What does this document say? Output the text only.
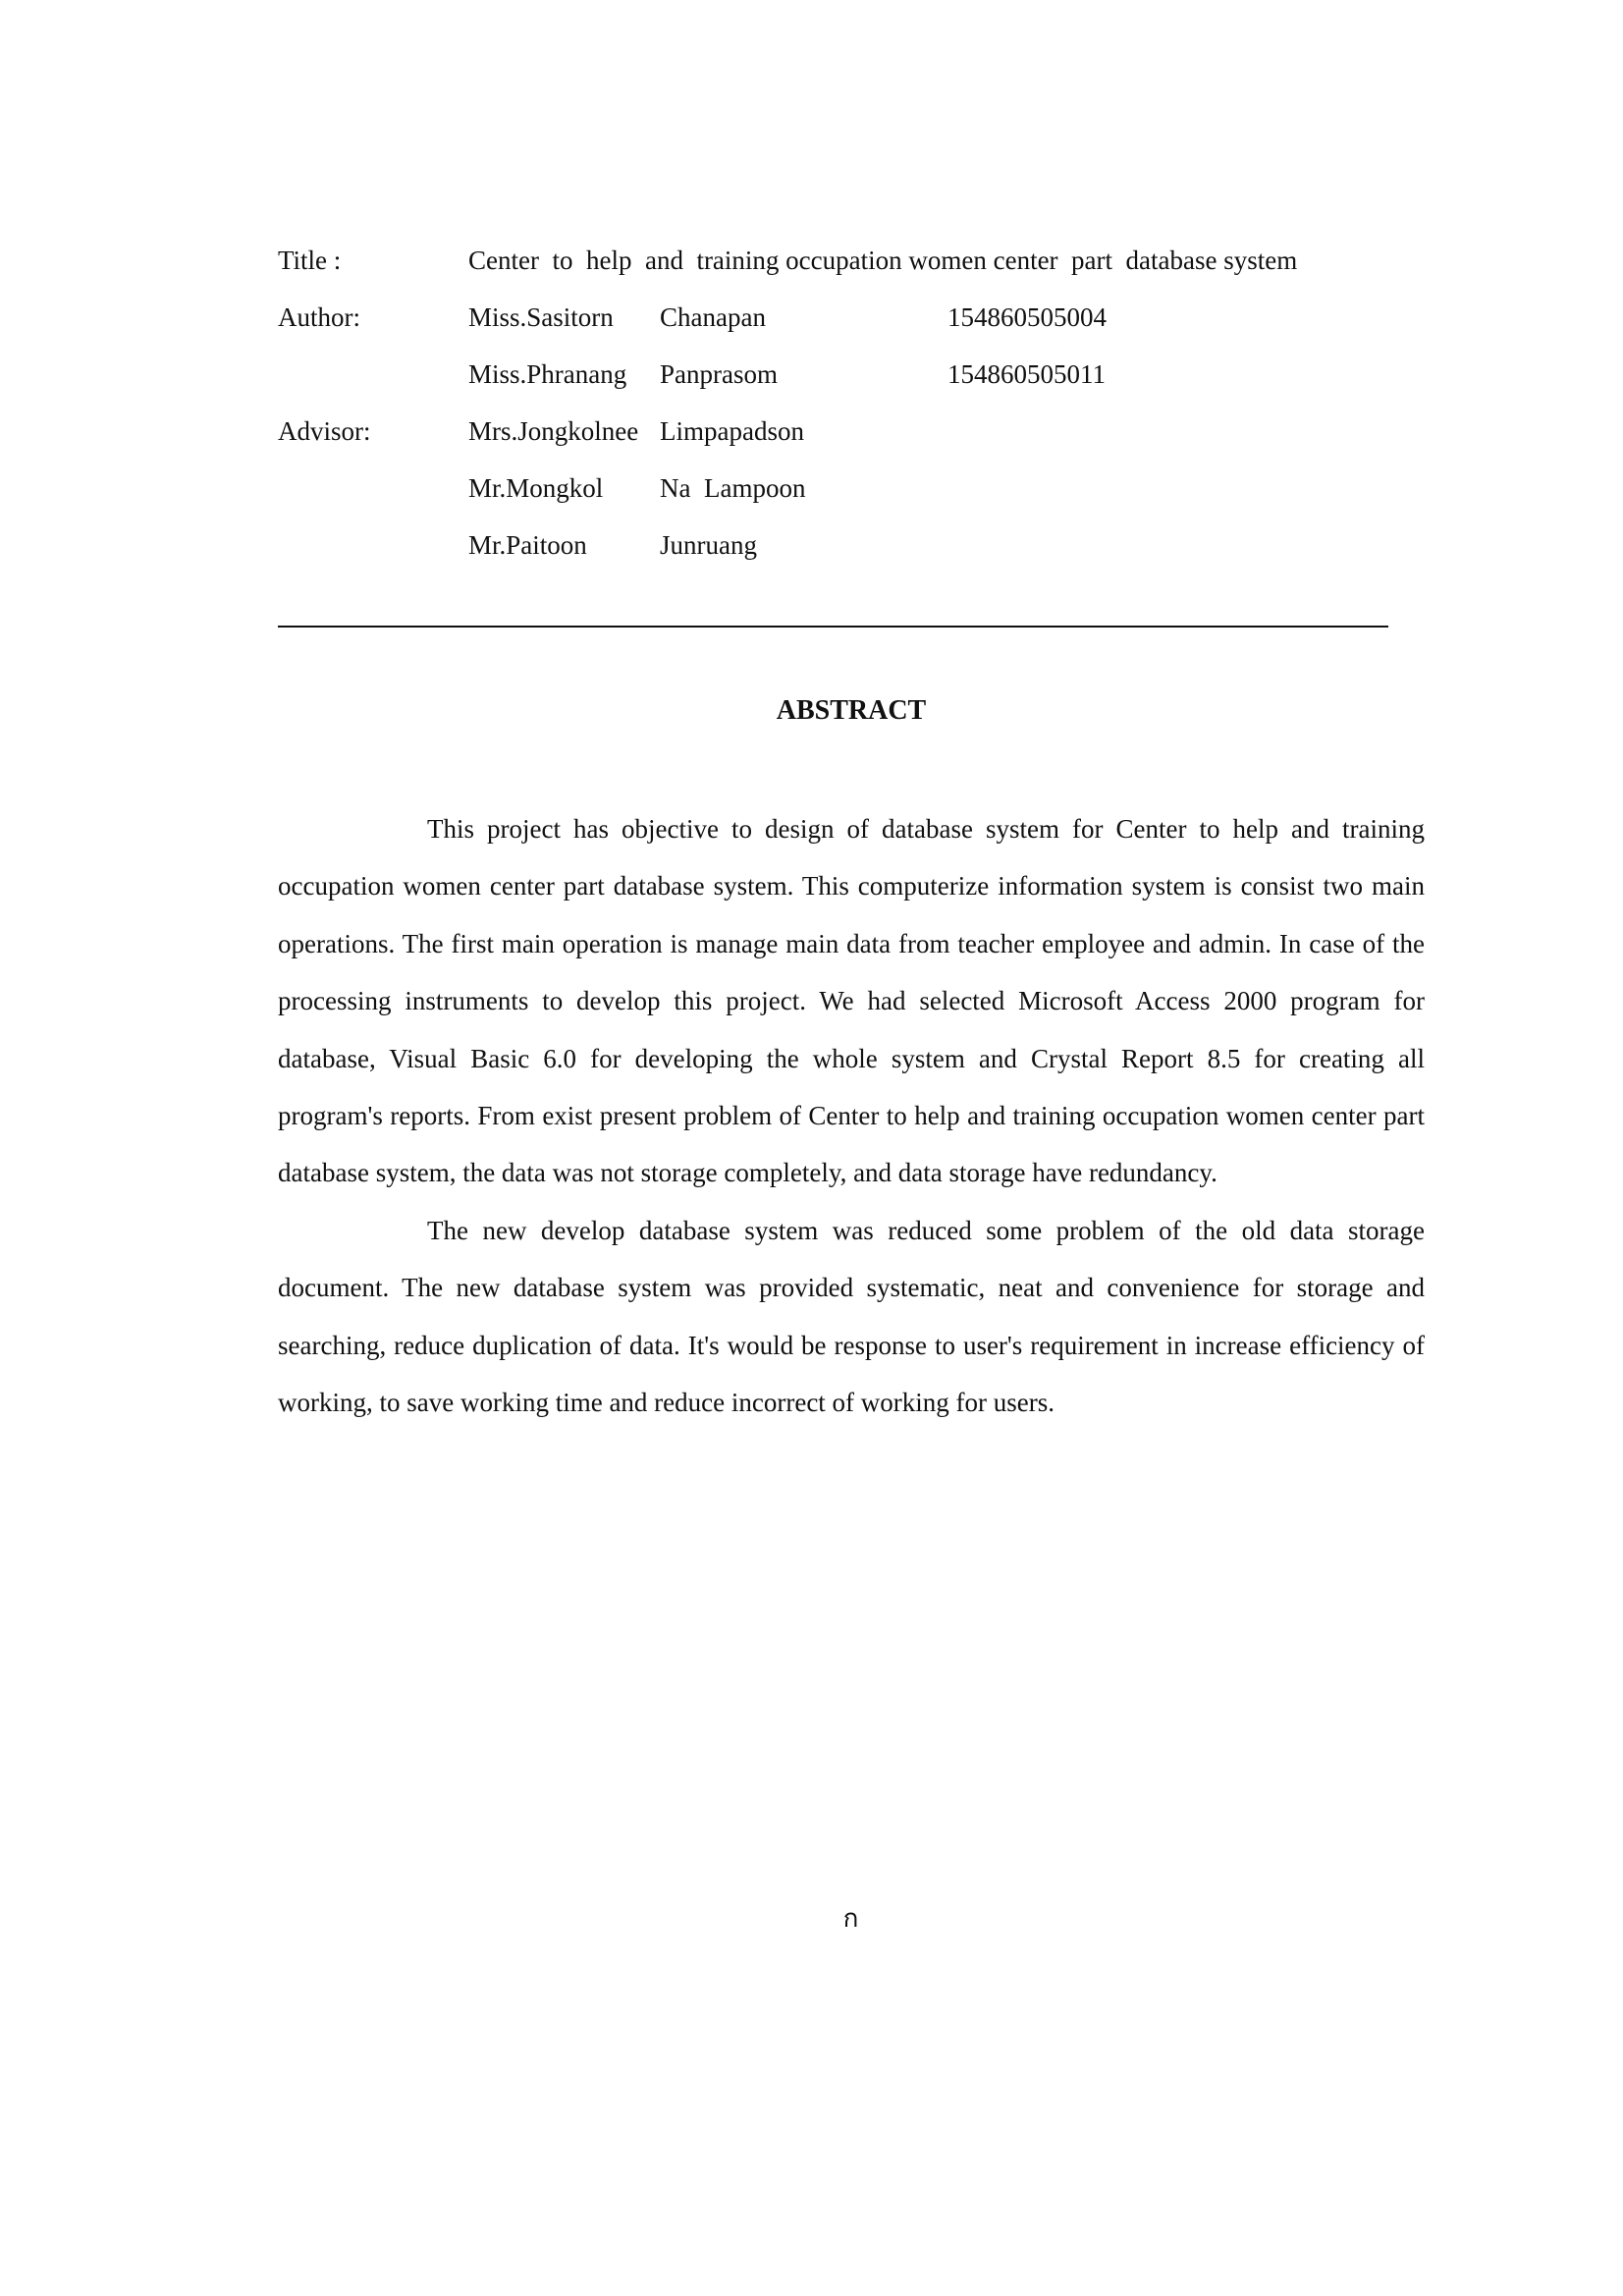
Title :	Center  to  help  and  training occupation women center  part  database system
Author:	Miss.Sasitorn Chanapan	154860505004
Miss.Phranang Panprasom	154860505011
Advisor:	Mrs.Jongkolnee Limpapadson
Mr.Mongkol Na  Lampoon
Mr.Paitoon	Junruang
ABSTRACT

This project has objective to design of database system for Center to help and training occupation women center part database system. This computerize information system is consist two main operations. The first main operation is manage main data from teacher employee and admin. In case of the processing instruments to develop this project. We had selected Microsoft Access 2000 program for database, Visual Basic 6.0 for developing the whole system and Crystal Report 8.5 for creating all program's reports. From exist present problem of Center to help and training occupation women center part database system, the data was not storage completely, and data storage have redundancy.

The new develop database system was reduced some problem of the old data storage document. The new database system was provided systematic, neat and convenience for storage and searching, reduce duplication of data. It's would be response to user's requirement in increase efficiency of working, to save working time and reduce incorrect of working for users.

ก
